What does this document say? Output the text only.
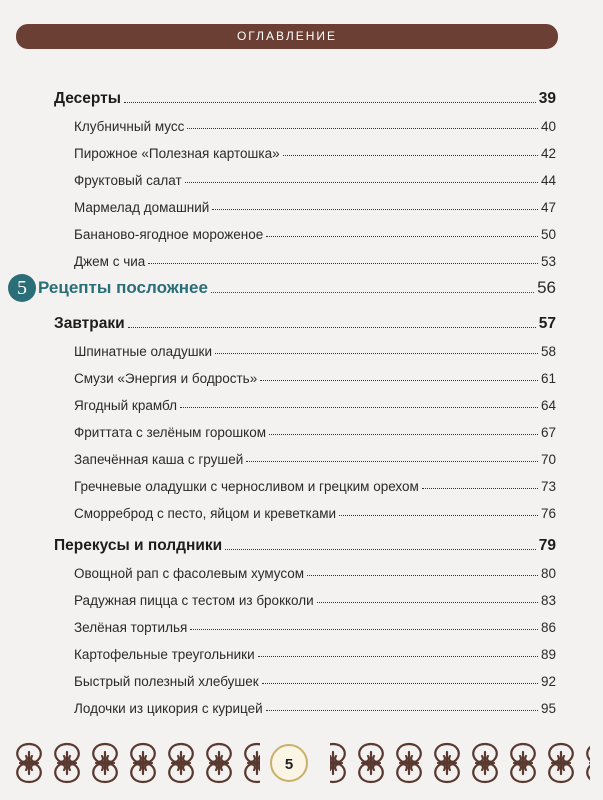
ОГЛАВЛЕНИЕ
Десерты	39
Клубничный мусс	40
Пирожное «Полезная картошка»	42
Фруктовый салат	44
Мармелад домашний	47
Бананово-ягодное мороженое	50
Джем с чиа	53
5 Рецепты посложнее	56
Завтраки	57
Шпинатные оладушки	58
Смузи «Энергия и бодрость»	61
Ягодный крамбл	64
Фриттата с зелёным горошком	67
Запечённая каша с грушей	70
Гречневые оладушки с черносливом и грецким орехом	73
Сморреброд с песто, яйцом и креветками	76
Перекусы и полдники	79
Овощной рап с фасолевым хумусом	80
Радужная пицца с тестом из брокколи	83
Зелёная тортилья	86
Картофельные треугольники	89
Быстрый полезный хлебушек	92
Лодочки из цикория с курицей	95
5
